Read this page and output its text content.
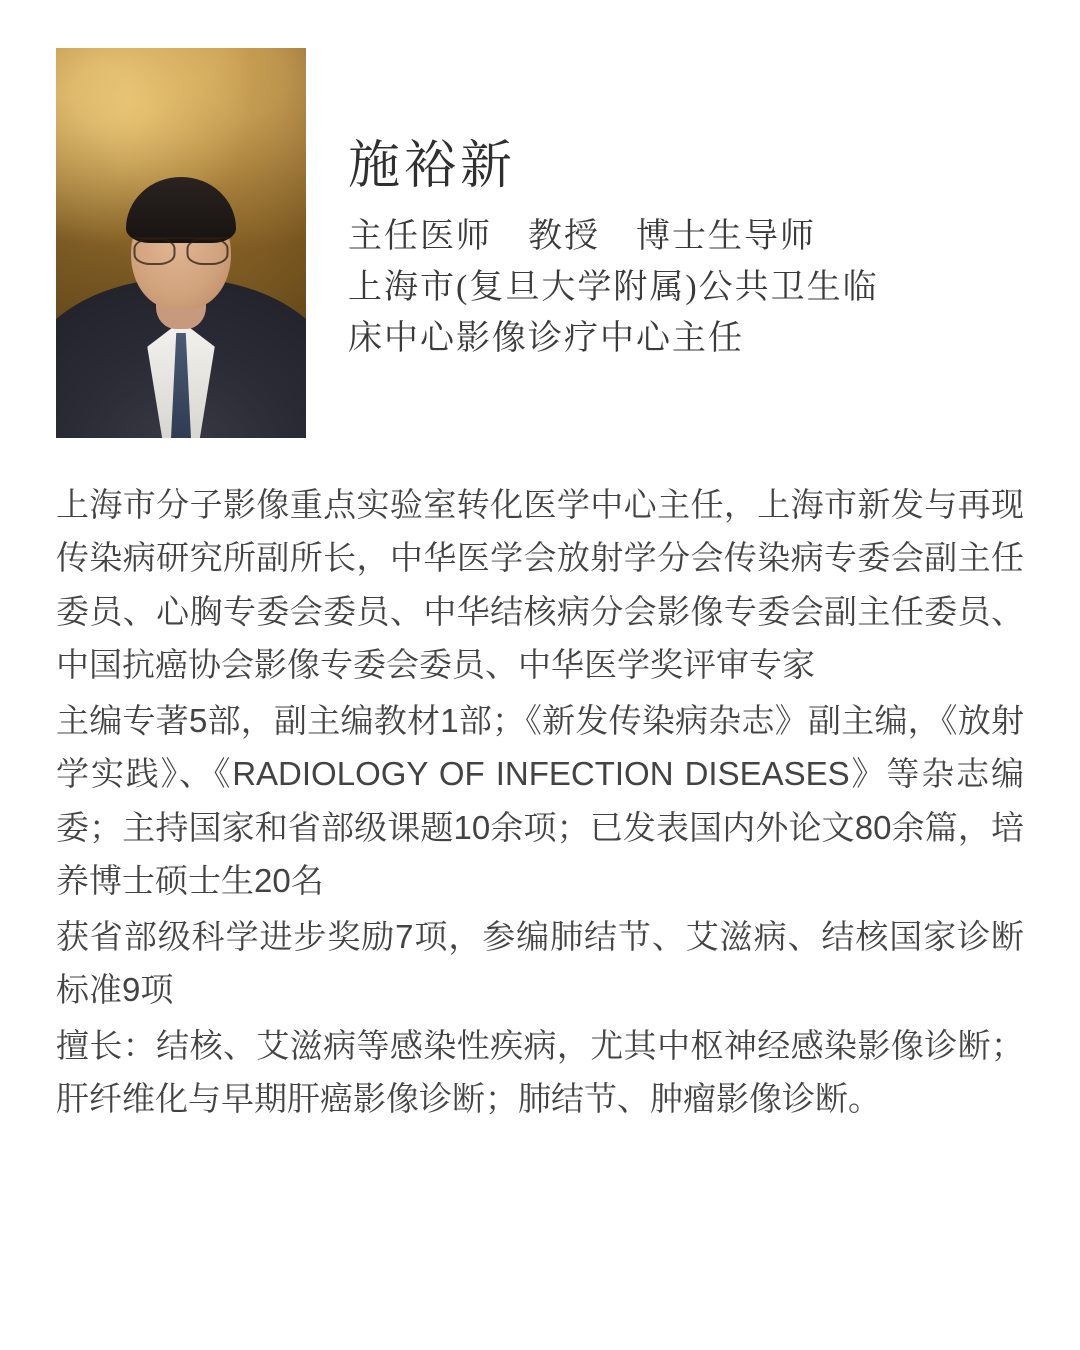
施裕新
主任医师　教授　博士生导师
上海市(复旦大学附属)公共卫生临
床中心影像诊疗中心主任

上海市分子影像重点实验室转化医学中心主任，上海市新发与再现传染病研究所副所长，中华医学会放射学分会传染病专委会副主任委员、心胸专委会委员、中华结核病分会影像专委会副主任委员、中国抗癌协会影像专委会委员、中华医学奖评审专家

主编专著5部，副主编教材1部；《新发传染病杂志》副主编，《放射学实践》、《RADIOLOGY OF INFECTION DISEASES》等杂志编委；主持国家和省部级课题10余项；已发表国内外论文80余篇，培养博士硕士生20名

获省部级科学进步奖励7项，参编肺结节、艾滋病、结核国家诊断标准9项

擅长：结核、艾滋病等感染性疾病，尤其中枢神经感染影像诊断；肝纤维化与早期肝癌影像诊断；肺结节、肿瘤影像诊断。
